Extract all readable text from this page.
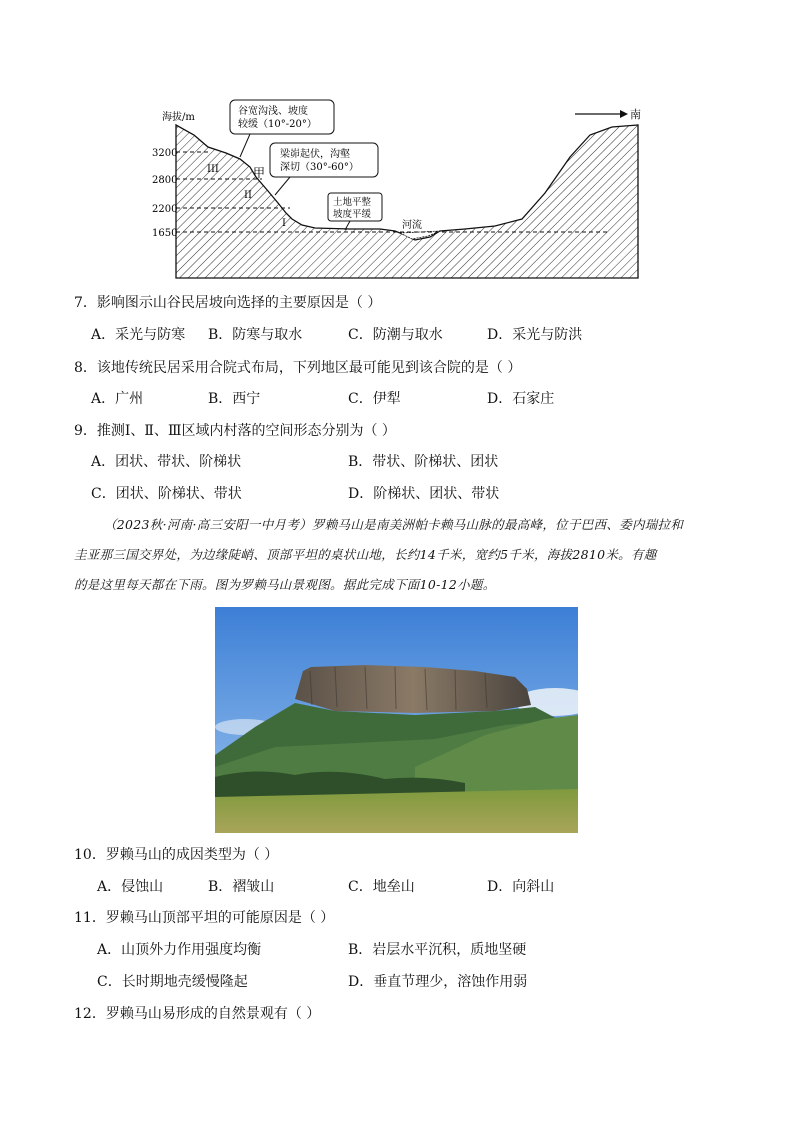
海拔/m
3200
2800
2200
1650
III
II
I
甲
河流
南
谷宽沟浅、坡度
较缓（10°-20°）
梁峁起伏，沟壑
深切（30°-60°）
土地平整
坡度平缓
7．影响图示山谷民居坡向选择的主要原因是（ ）
A．采光与防寒 B．防寒与取水	C．防潮与取水	D．采光与防洪
8．该地传统民居采用合院式布局，下列地区最可能见到该合院的是（ ）
A．广州	B．西宁	C．伊犁	D．石家庄
9．推测Ⅰ、Ⅱ、Ⅲ区域内村落的空间形态分别为（ ）
A．团状、带状、阶梯状	B．带状、阶梯状、团状
C．团状、阶梯状、带状	D．阶梯状、团状、带状
（2023秋·河南·高三安阳一中月考）罗赖马山是南美洲帕卡赖马山脉的最高峰，位于巴西、委内瑞拉和
圭亚那三国交界处，为边缘陡峭、顶部平坦的桌状山地，长约14千米，宽约5千米，海拔2810米。有趣
的是这里每天都在下雨。图为罗赖马山景观图。据此完成下面10-12小题。
10．罗赖马山的成因类型为（ ）
A．侵蚀山	B．褶皱山	C．地垒山	D．向斜山
11．罗赖马山顶部平坦的可能原因是（ ）
A．山顶外力作用强度均衡	B．岩层水平沉积，质地坚硬
C．长时期地壳缓慢隆起	D．垂直节理少，溶蚀作用弱
12．罗赖马山易形成的自然景观有（ ）
